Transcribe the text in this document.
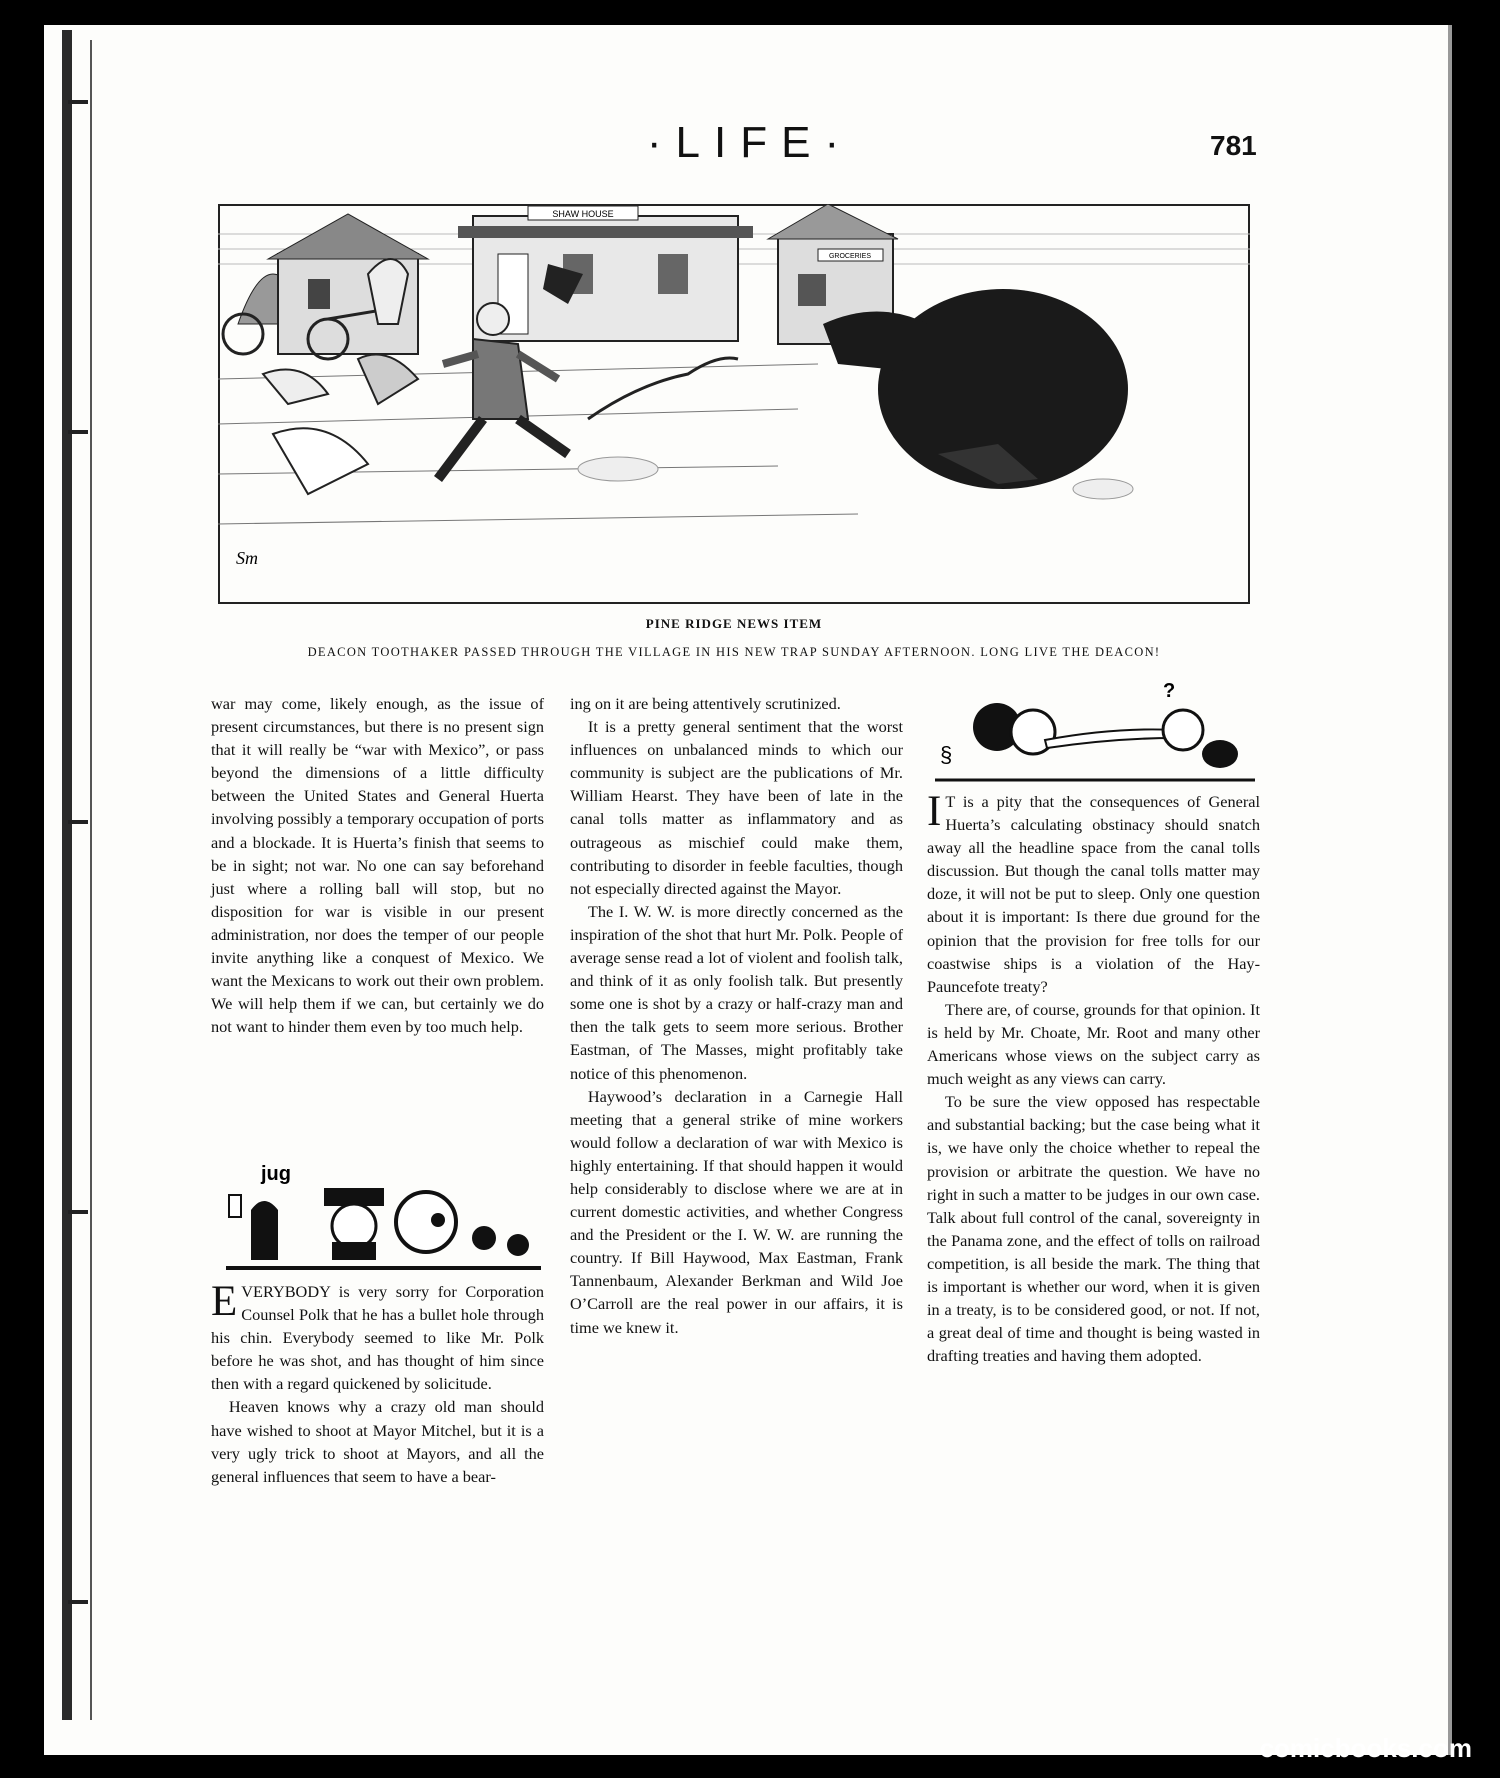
·LIFE·	781
SHAW HOUSE
GROCERIES
Sm
PINE RIDGE NEWS ITEM
DEACON TOOTHAKER PASSED THROUGH THE VILLAGE IN HIS NEW TRAP SUNDAY AFTERNOON. LONG LIVE THE DEACON!

war may come, likely enough, as the issue of present circumstances, but there is no present sign that it will really be “war with Mexico”, or pass beyond the dimensions of a little difficulty between the United States and General Huerta involving possibly a temporary occupation of ports and a blockade. It is Huerta’s finish that seems to be in sight; not war. No one can say beforehand just where a rolling ball will stop, but no disposition for war is visible in our present administration, nor does the temper of our people invite anything like a conquest of Mexico. We want the Mexicans to work out their own problem. We will help them if we can, but certainly we do not want to hinder them even by too much help.

jug

EVERYBODY is very sorry for Corporation Counsel Polk that he has a bullet hole through his chin. Everybody seemed to like Mr. Polk before he was shot, and has thought of him since then with a regard quickened by solicitude.

Heaven knows why a crazy old man should have wished to shoot at Mayor Mitchel, but it is a very ugly trick to shoot at Mayors, and all the general influences that seem to have a bear-

ing on it are being attentively scrutinized.

It is a pretty general sentiment that the worst influences on unbalanced minds to which our community is subject are the publications of Mr. William Hearst. They have been of late in the canal tolls matter as inflammatory and as outrageous as mischief could make them, contributing to disorder in feeble faculties, though not especially directed against the Mayor.

The I. W. W. is more directly concerned as the inspiration of the shot that hurt Mr. Polk. People of average sense read a lot of violent and foolish talk, and think of it as only foolish talk. But presently some one is shot by a crazy or half-crazy man and then the talk gets to seem more serious. Brother Eastman, of The Masses, might profitably take notice of this phenomenon.

Haywood’s declaration in a Carnegie Hall meeting that a general strike of mine workers would follow a declaration of war with Mexico is highly entertaining. If that should happen it would help considerably to disclose where we are at in current domestic activities, and whether Congress and the President or the I. W. W. are running the country. If Bill Haywood, Max Eastman, Frank Tannenbaum, Alexander Berkman and Wild Joe O’Carroll are the real power in our affairs, it is time we knew it.

?
§

I T is a pity that the consequences of General Huerta’s calculating obstinacy should snatch away all the headline space from the canal tolls discussion. But though the canal tolls matter may doze, it will not be put to sleep. Only one question about it is important: Is there due ground for the opinion that the provision for free tolls for our coastwise ships is a violation of the Hay-Pauncefote treaty?

There are, of course, grounds for that opinion. It is held by Mr. Choate, Mr. Root and many other Americans whose views on the subject carry as much weight as any views can carry.

To be sure the view opposed has respectable and substantial backing; but the case being what it is, we have only the choice whether to repeal the provision or arbitrate the question. We have no right in such a matter to be judges in our own case. Talk about full control of the canal, sovereignty in the Panama zone, and the effect of tolls on railroad competition, is all beside the mark. The thing that is important is whether our word, when it is given in a treaty, is to be considered good, or not. If not, a great deal of time and thought is being wasted in drafting treaties and having them adopted.

comicbooks.com
